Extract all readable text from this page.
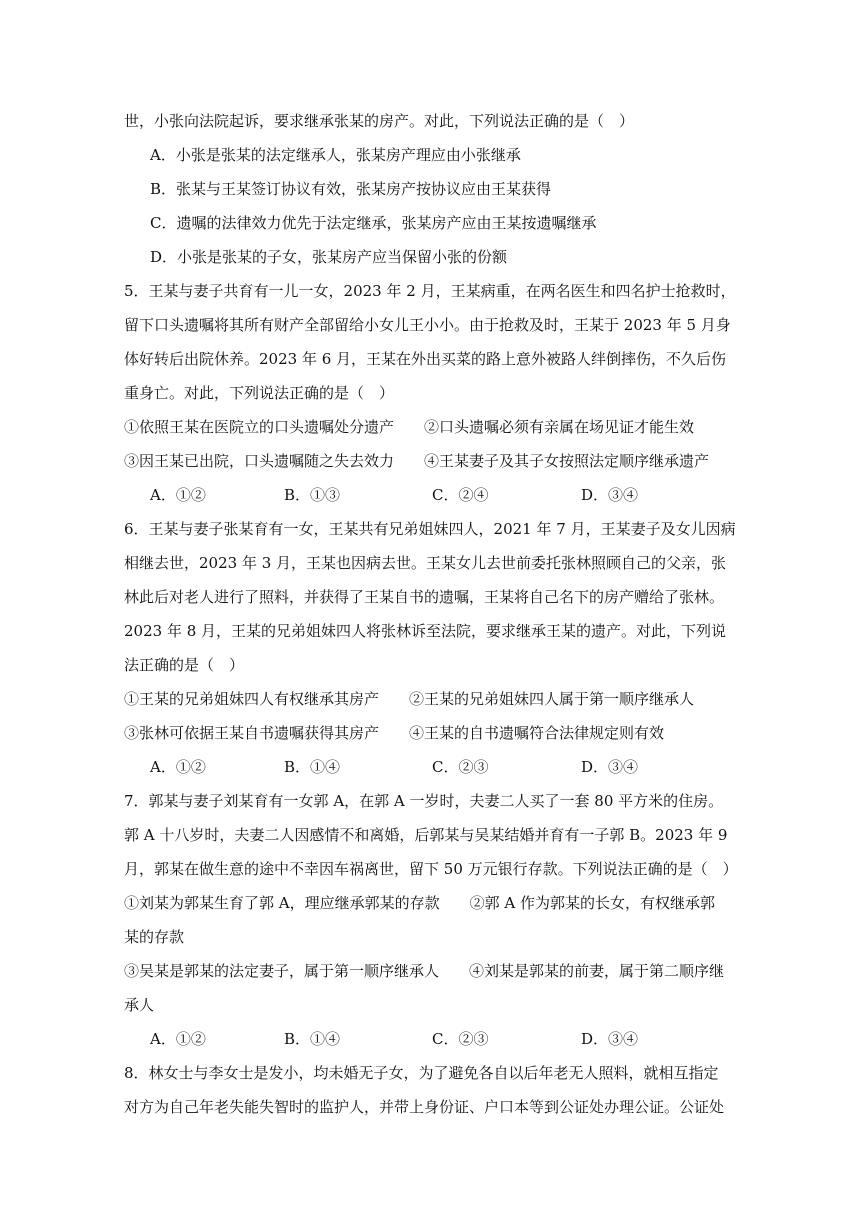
世，小张向法院起诉，要求继承张某的房产。对此，下列说法正确的是（　）
A．小张是张某的法定继承人，张某房产理应由小张继承
B．张某与王某签订协议有效，张某房产按协议应由王某获得
C．遗嘱的法律效力优先于法定继承，张某房产应由王某按遗嘱继承
D．小张是张某的子女，张某房产应当保留小张的份额
5．王某与妻子共育有一儿一女，2023 年 2 月，王某病重，在两名医生和四名护士抢救时，
留下口头遗嘱将其所有财产全部留给小女儿王小小。由于抢救及时，王某于 2023 年 5 月身
体好转后出院休养。2023 年 6 月，王某在外出买菜的路上意外被路人绊倒摔伤，不久后伤
重身亡。对此，下列说法正确的是（　）
①依照王某在医院立的口头遗嘱处分遗产　　②口头遗嘱必须有亲属在场见证才能生效
③因王某已出院，口头遗嘱随之失去效力　　④王某妻子及其子女按照法定顺序继承遗产
A．①②	B．①③	C．②④	D．③④
6．王某与妻子张某育有一女，王某共有兄弟姐妹四人，2021 年 7 月，王某妻子及女儿因病
相继去世，2023 年 3 月，王某也因病去世。王某女儿去世前委托张林照顾自己的父亲，张
林此后对老人进行了照料，并获得了王某自书的遗嘱，王某将自己名下的房产赠给了张林。
2023 年 8 月，王某的兄弟姐妹四人将张林诉至法院，要求继承王某的遗产。对此，下列说
法正确的是（　）
①王某的兄弟姐妹四人有权继承其房产　　②王某的兄弟姐妹四人属于第一顺序继承人
③张林可依据王某自书遗嘱获得其房产　　④王某的自书遗嘱符合法律规定则有效
A．①②	B．①④	C．②③	D．③④
7．郭某与妻子刘某育有一女郭 A，在郭 A 一岁时，夫妻二人买了一套 80 平方米的住房。
郭 A 十八岁时，夫妻二人因感情不和离婚，后郭某与吴某结婚并育有一子郭 B。2023 年 9
月，郭某在做生意的途中不幸因车祸离世，留下 50 万元银行存款。下列说法正确的是（　）
①刘某为郭某生育了郭 A，理应继承郭某的存款　　②郭 A 作为郭某的长女，有权继承郭
某的存款
③吴某是郭某的法定妻子，属于第一顺序继承人　　④刘某是郭某的前妻，属于第二顺序继
承人
A．①②	B．①④	C．②③	D．③④
8．林女士与李女士是发小，均未婚无子女，为了避免各自以后年老无人照料，就相互指定
对方为自己年老失能失智时的监护人，并带上身份证、户口本等到公证处办理公证。公证处
